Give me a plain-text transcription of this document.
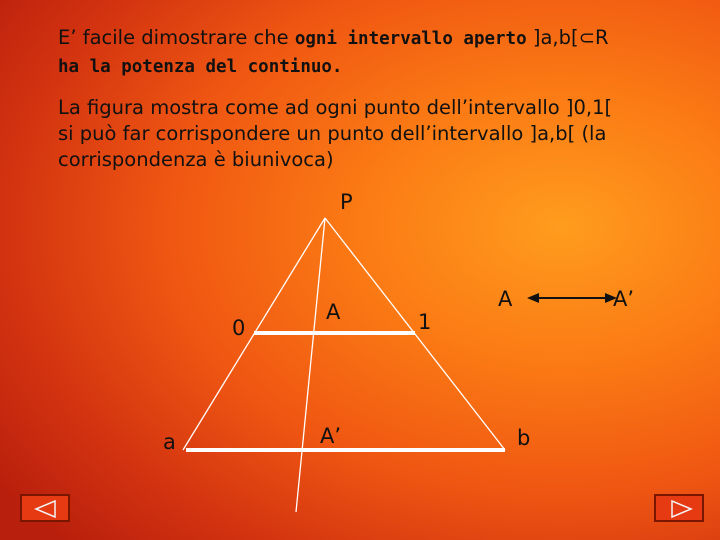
E’ facile dimostrare che ogni intervallo aperto ]a,b[⊂R
ha la potenza del continuo.
La figura mostra come ad ogni punto dell’intervallo ]0,1[
si può far corrispondere un punto dell’intervallo ]a,b[ (la
corrispondenza è biunivoca)
P
0
A	1
A	A’
A’
a	b
